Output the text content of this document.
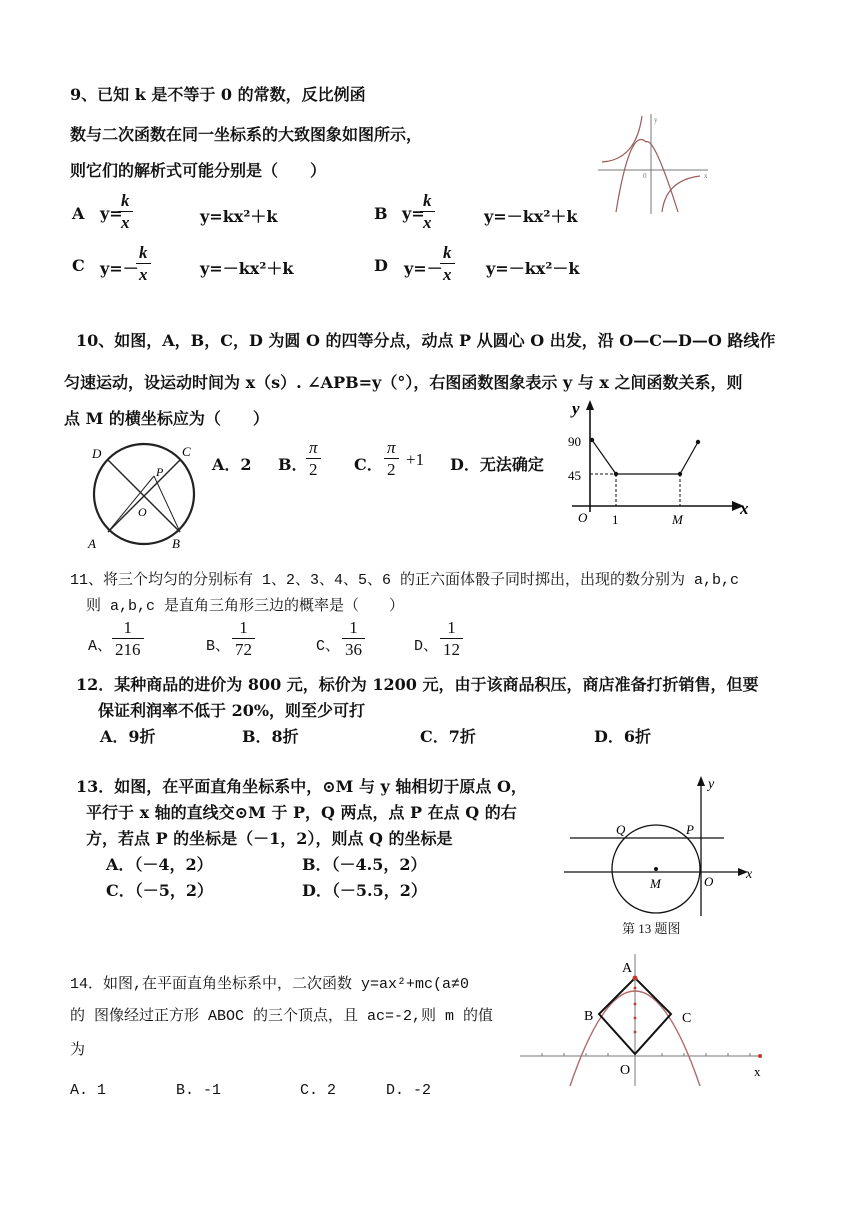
9、已知 k 是不等于 0 的常数，反比例函
数与二次函数在同一坐标系的大致图象如图所示，
则它们的解析式可能分别是（　　）
y
x
0
A y=
$\frac{k}{x}$	y=kx²＋k	B y=
$\frac{k}{x}$	y=－kx²＋k
C y=－
$\frac{k}{x}$	y=－kx²＋k	D y=－
$\frac{k}{x} y=-kx^2-k$
10、如图，A，B，C，D 为圆 O 的四等分点，动点 P 从圆心 O 出发，沿 O—C—D—O 路线作
匀速运动，设运动时间为 x（s）. ∠APB=y（°），右图函数图象表示 y 与 x 之间函数关系，则
点 M 的横坐标应为（　　）
D	C
P
O
A	B
A．2 B．
$\frac{\pi}{2}$ C． $\frac{\pi}{2} +1$ D．无法确定
y
x
90
45
O 1	M
11、将三个均匀的分别标有 1、2、3、4、5、6 的正六面体骰子同时掷出，出现的数分别为 a,b,c
则 a,b,c 是直角三角形三边的概率是（　　）
A、 $\frac{1}{216}$	B、 $\frac{1}{72}$	C、 $\frac{1}{36}$	D、 $\frac{1}{12}$
12．某种商品的进价为 800 元，标价为 1200 元，由于该商品积压，商店准备打折销售，但要
保证利润率不低于 20%，则至少可打
A．9折	B．8折	C．7折	D．6折
13．如图，在平面直角坐标系中，⊙M 与 y 轴相切于原点 O，
平行于 x 轴的直线交⊙M 于 P，Q 两点，点 P 在点 Q 的右
方，若点 P 的坐标是（－1，2），则点 Q 的坐标是
A．（－4，2）	B．（－4.5，2）
C．（－5，2）	D．（－5.5，2）
y
x
Q	P
M	O
第 13 题图
14．如图,在平面直角坐标系中，二次函数 y=ax²+mc(a≠0
的 图像经过正方形 ABOC 的三个顶点，且 ac=-2,则 m 的值
为
A. 1	B. -1	C. 2	D. -2
A
B	C
O	x
